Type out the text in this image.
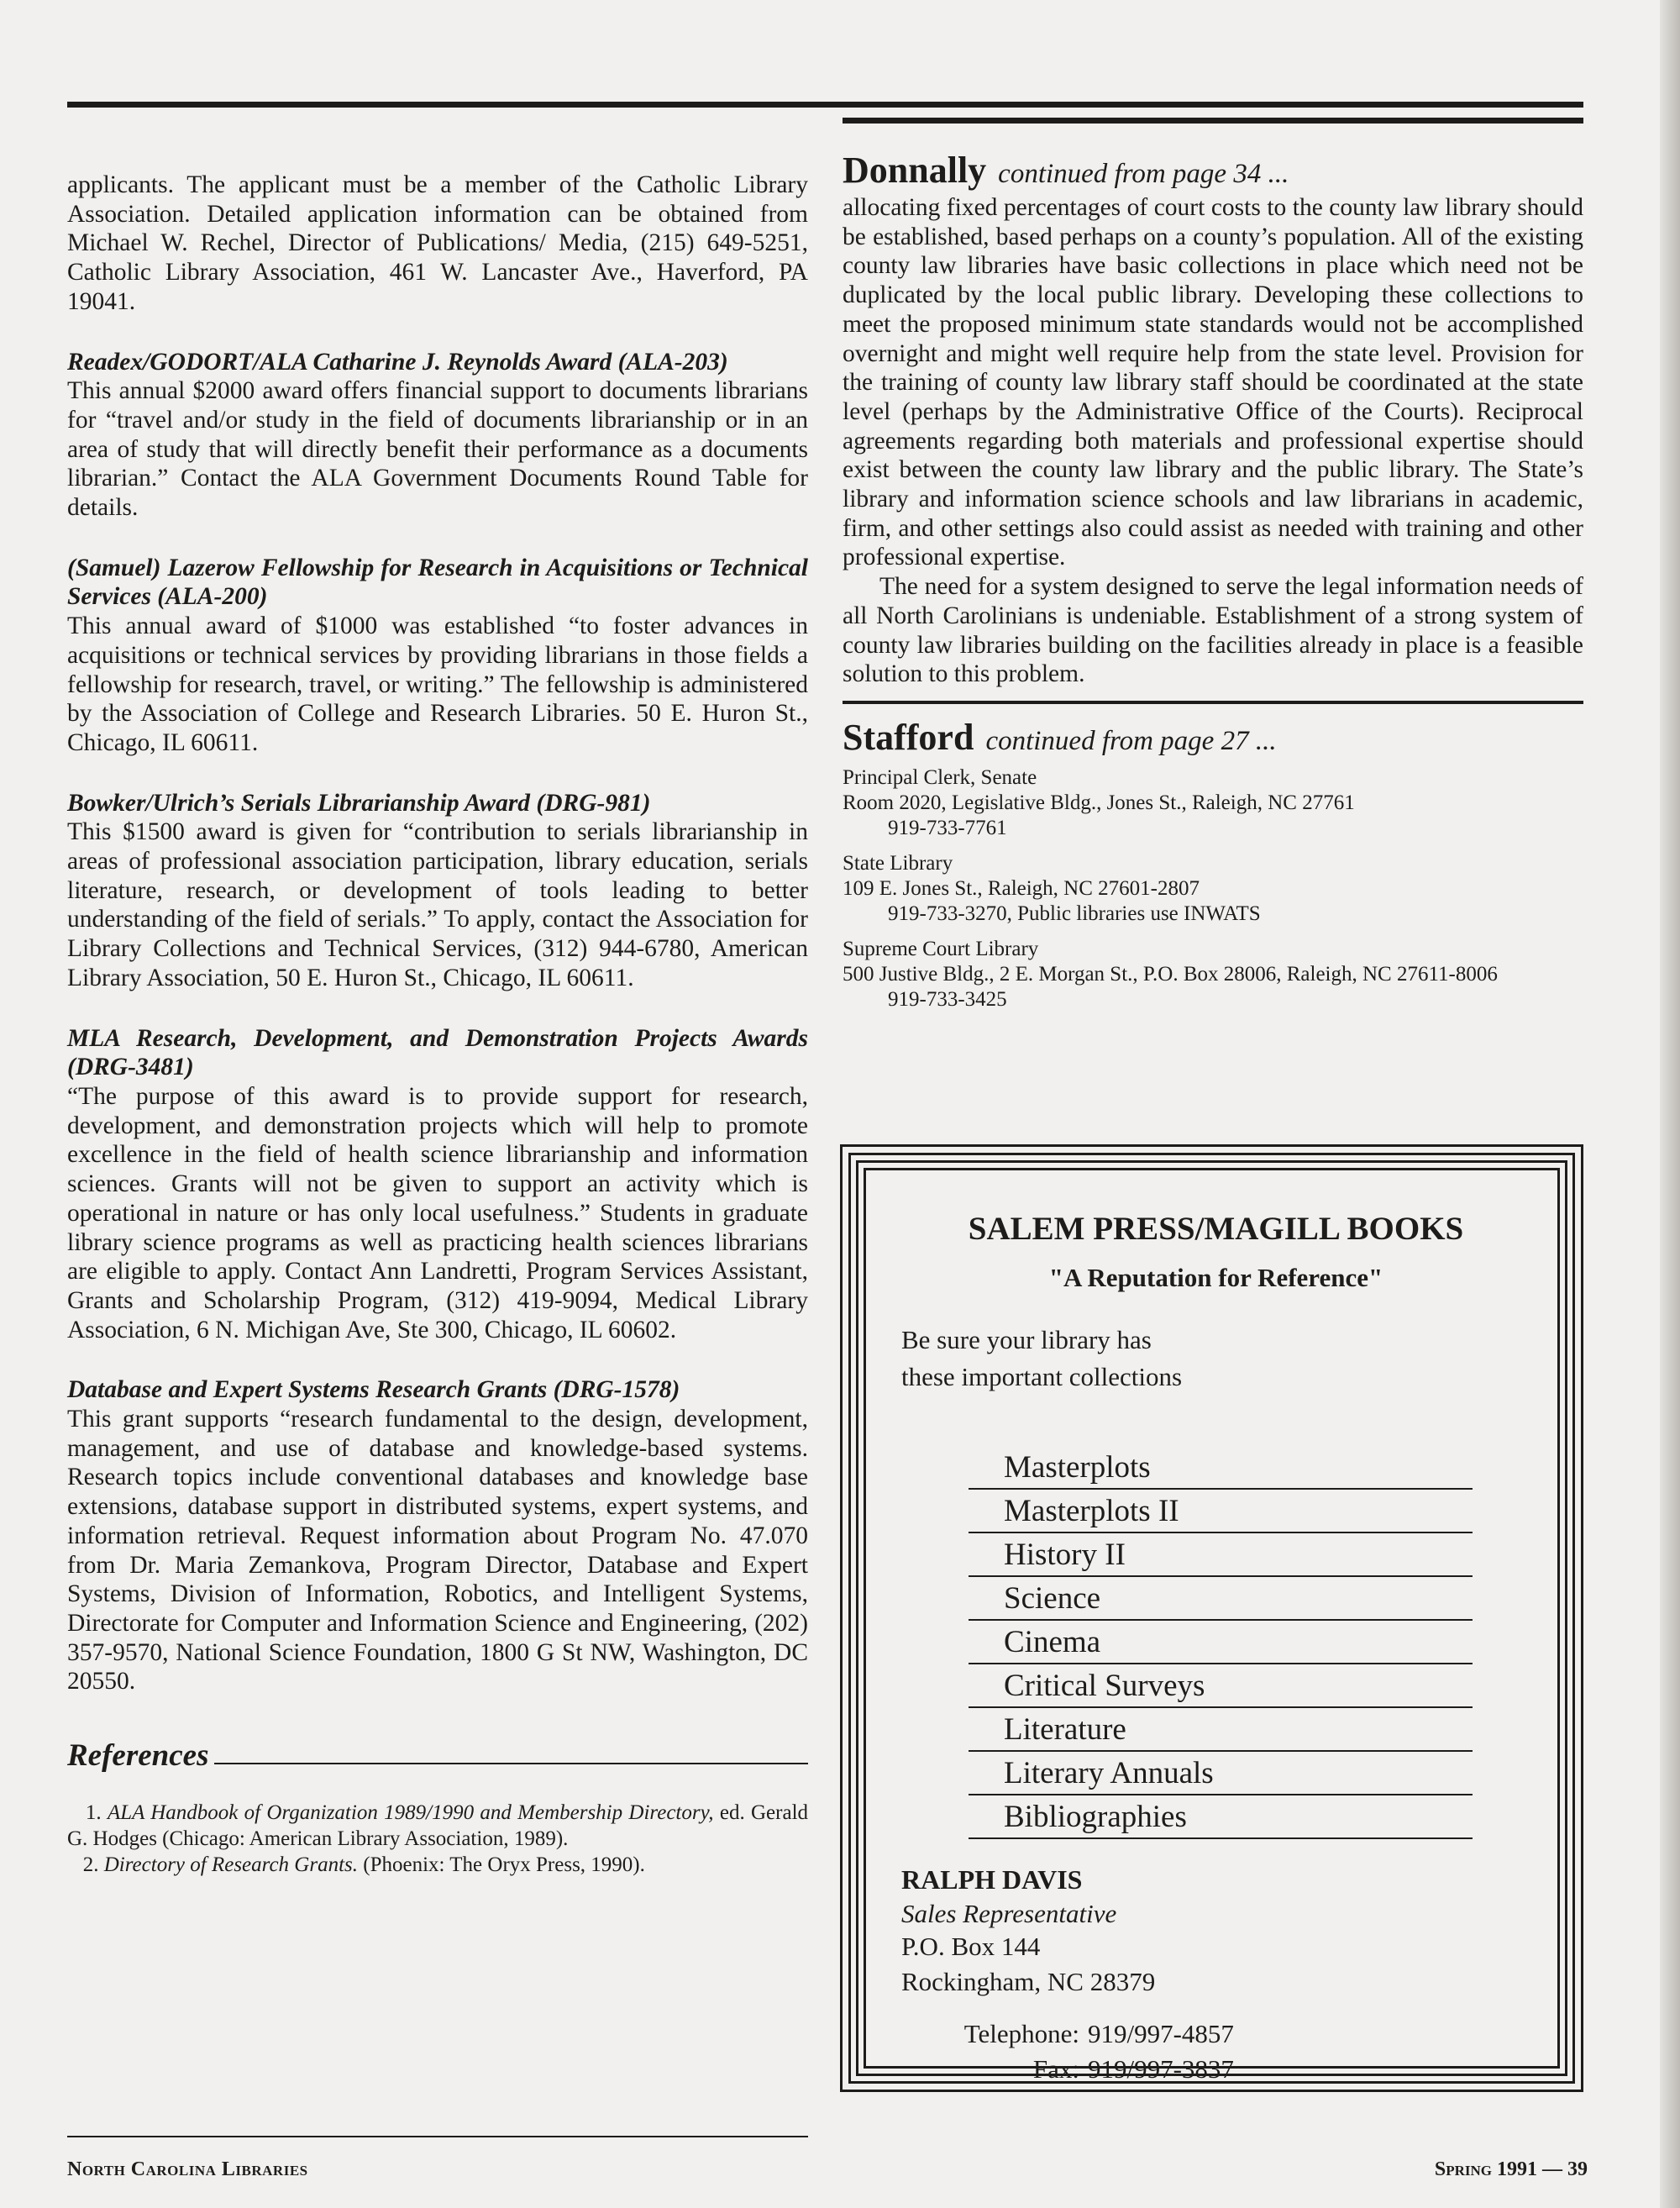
applicants. The applicant must be a member of the Catholic Library Association. Detailed application information can be obtained from Michael W. Rechel, Director of Publications/ Media, (215) 649-5251, Catholic Library Association, 461 W. Lancaster Ave., Haverford, PA 19041.

Readex/GODORT/ALA Catharine J. Reynolds Award (ALA-203)

This annual $2000 award offers financial support to documents librarians for “travel and/or study in the field of documents librarianship or in an area of study that will directly benefit their performance as a documents librarian.” Contact the ALA Government Documents Round Table for details.

(Samuel) Lazerow Fellowship for Research in Acquisitions or Technical Services (ALA-200)

This annual award of $1000 was established “to foster advances in acquisitions or technical services by providing librarians in those fields a fellowship for research, travel, or writing.” The fellowship is administered by the Association of College and Research Libraries. 50 E. Huron St., Chicago, IL 60611.

Bowker/Ulrich’s Serials Librarianship Award (DRG-981)

This $1500 award is given for “contribution to serials librarianship in areas of professional association participation, library education, serials literature, research, or development of tools leading to better understanding of the field of serials.” To apply, contact the Association for Library Collections and Technical Services, (312) 944-6780, American Library Association, 50 E. Huron St., Chicago, IL 60611.

MLA Research, Development, and Demonstration Projects Awards (DRG-3481)

“The purpose of this award is to provide support for research, development, and demonstration projects which will help to promote excellence in the field of health science librarianship and information sciences. Grants will not be given to support an activity which is operational in nature or has only local usefulness.” Students in graduate library science programs as well as practicing health sciences librarians are eligible to apply. Contact Ann Landretti, Program Services Assistant, Grants and Scholarship Program, (312) 419-9094, Medical Library Association, 6 N. Michigan Ave, Ste 300, Chicago, IL 60602.

Database and Expert Systems Research Grants (DRG-1578)

This grant supports “research fundamental to the design, development, management, and use of database and knowledge-based systems. Research topics include conventional databases and knowledge base extensions, database support in distributed systems, expert systems, and information retrieval. Request information about Program No. 47.070 from Dr. Maria Zemankova, Program Director, Database and Expert Systems, Division of Information, Robotics, and Intelligent Systems, Directorate for Computer and Information Science and Engineering, (202) 357-9570, National Science Foundation, 1800 G St NW, Washington, DC 20550.

References

1. ALA Handbook of Organization 1989/1990 and Membership Directory, ed. Gerald G. Hodges (Chicago: American Library Association, 1989).

2. Directory of Research Grants. (Phoenix: The Oryx Press, 1990).

Donnally continued from page 34 ...

allocating fixed percentages of court costs to the county law library should be established, based perhaps on a county’s population. All of the existing county law libraries have basic collections in place which need not be duplicated by the local public library. Developing these collections to meet the proposed minimum state standards would not be accomplished overnight and might well require help from the state level. Provision for the training of county law library staff should be coordinated at the state level (perhaps by the Administrative Office of the Courts). Reciprocal agreements regarding both materials and professional expertise should exist between the county law library and the public library. The State’s library and information science schools and law librarians in academic, firm, and other settings also could assist as needed with training and other professional expertise.

The need for a system designed to serve the legal information needs of all North Carolinians is undeniable. Establishment of a strong system of county law libraries building on the facilities already in place is a feasible solution to this problem.

Stafford continued from page 27 ...
Principal Clerk, Senate
Room 2020, Legislative Bldg., Jones St., Raleigh, NC 27761
919-733-7761
State Library
109 E. Jones St., Raleigh, NC 27601-2807
919-733-3270, Public libraries use INWATS
Supreme Court Library
500 Justive Bldg., 2 E. Morgan St., P.O. Box 28006, Raleigh, NC 27611-8006
919-733-3425
SALEM PRESS/MAGILL BOOKS
"A Reputation for Reference"
Be sure your library has
these important collections
Masterplots
Masterplots II
History II
Science
Cinema
Critical Surveys
Literature
Literary Annuals
Bibliographies
RALPH DAVIS
Sales Representative
P.O. Box 144
Rockingham, NC 28379
Telephone: 919/997-4857
Fax: 919/997-3837
North Carolina Libraries	Spring 1991 — 39
